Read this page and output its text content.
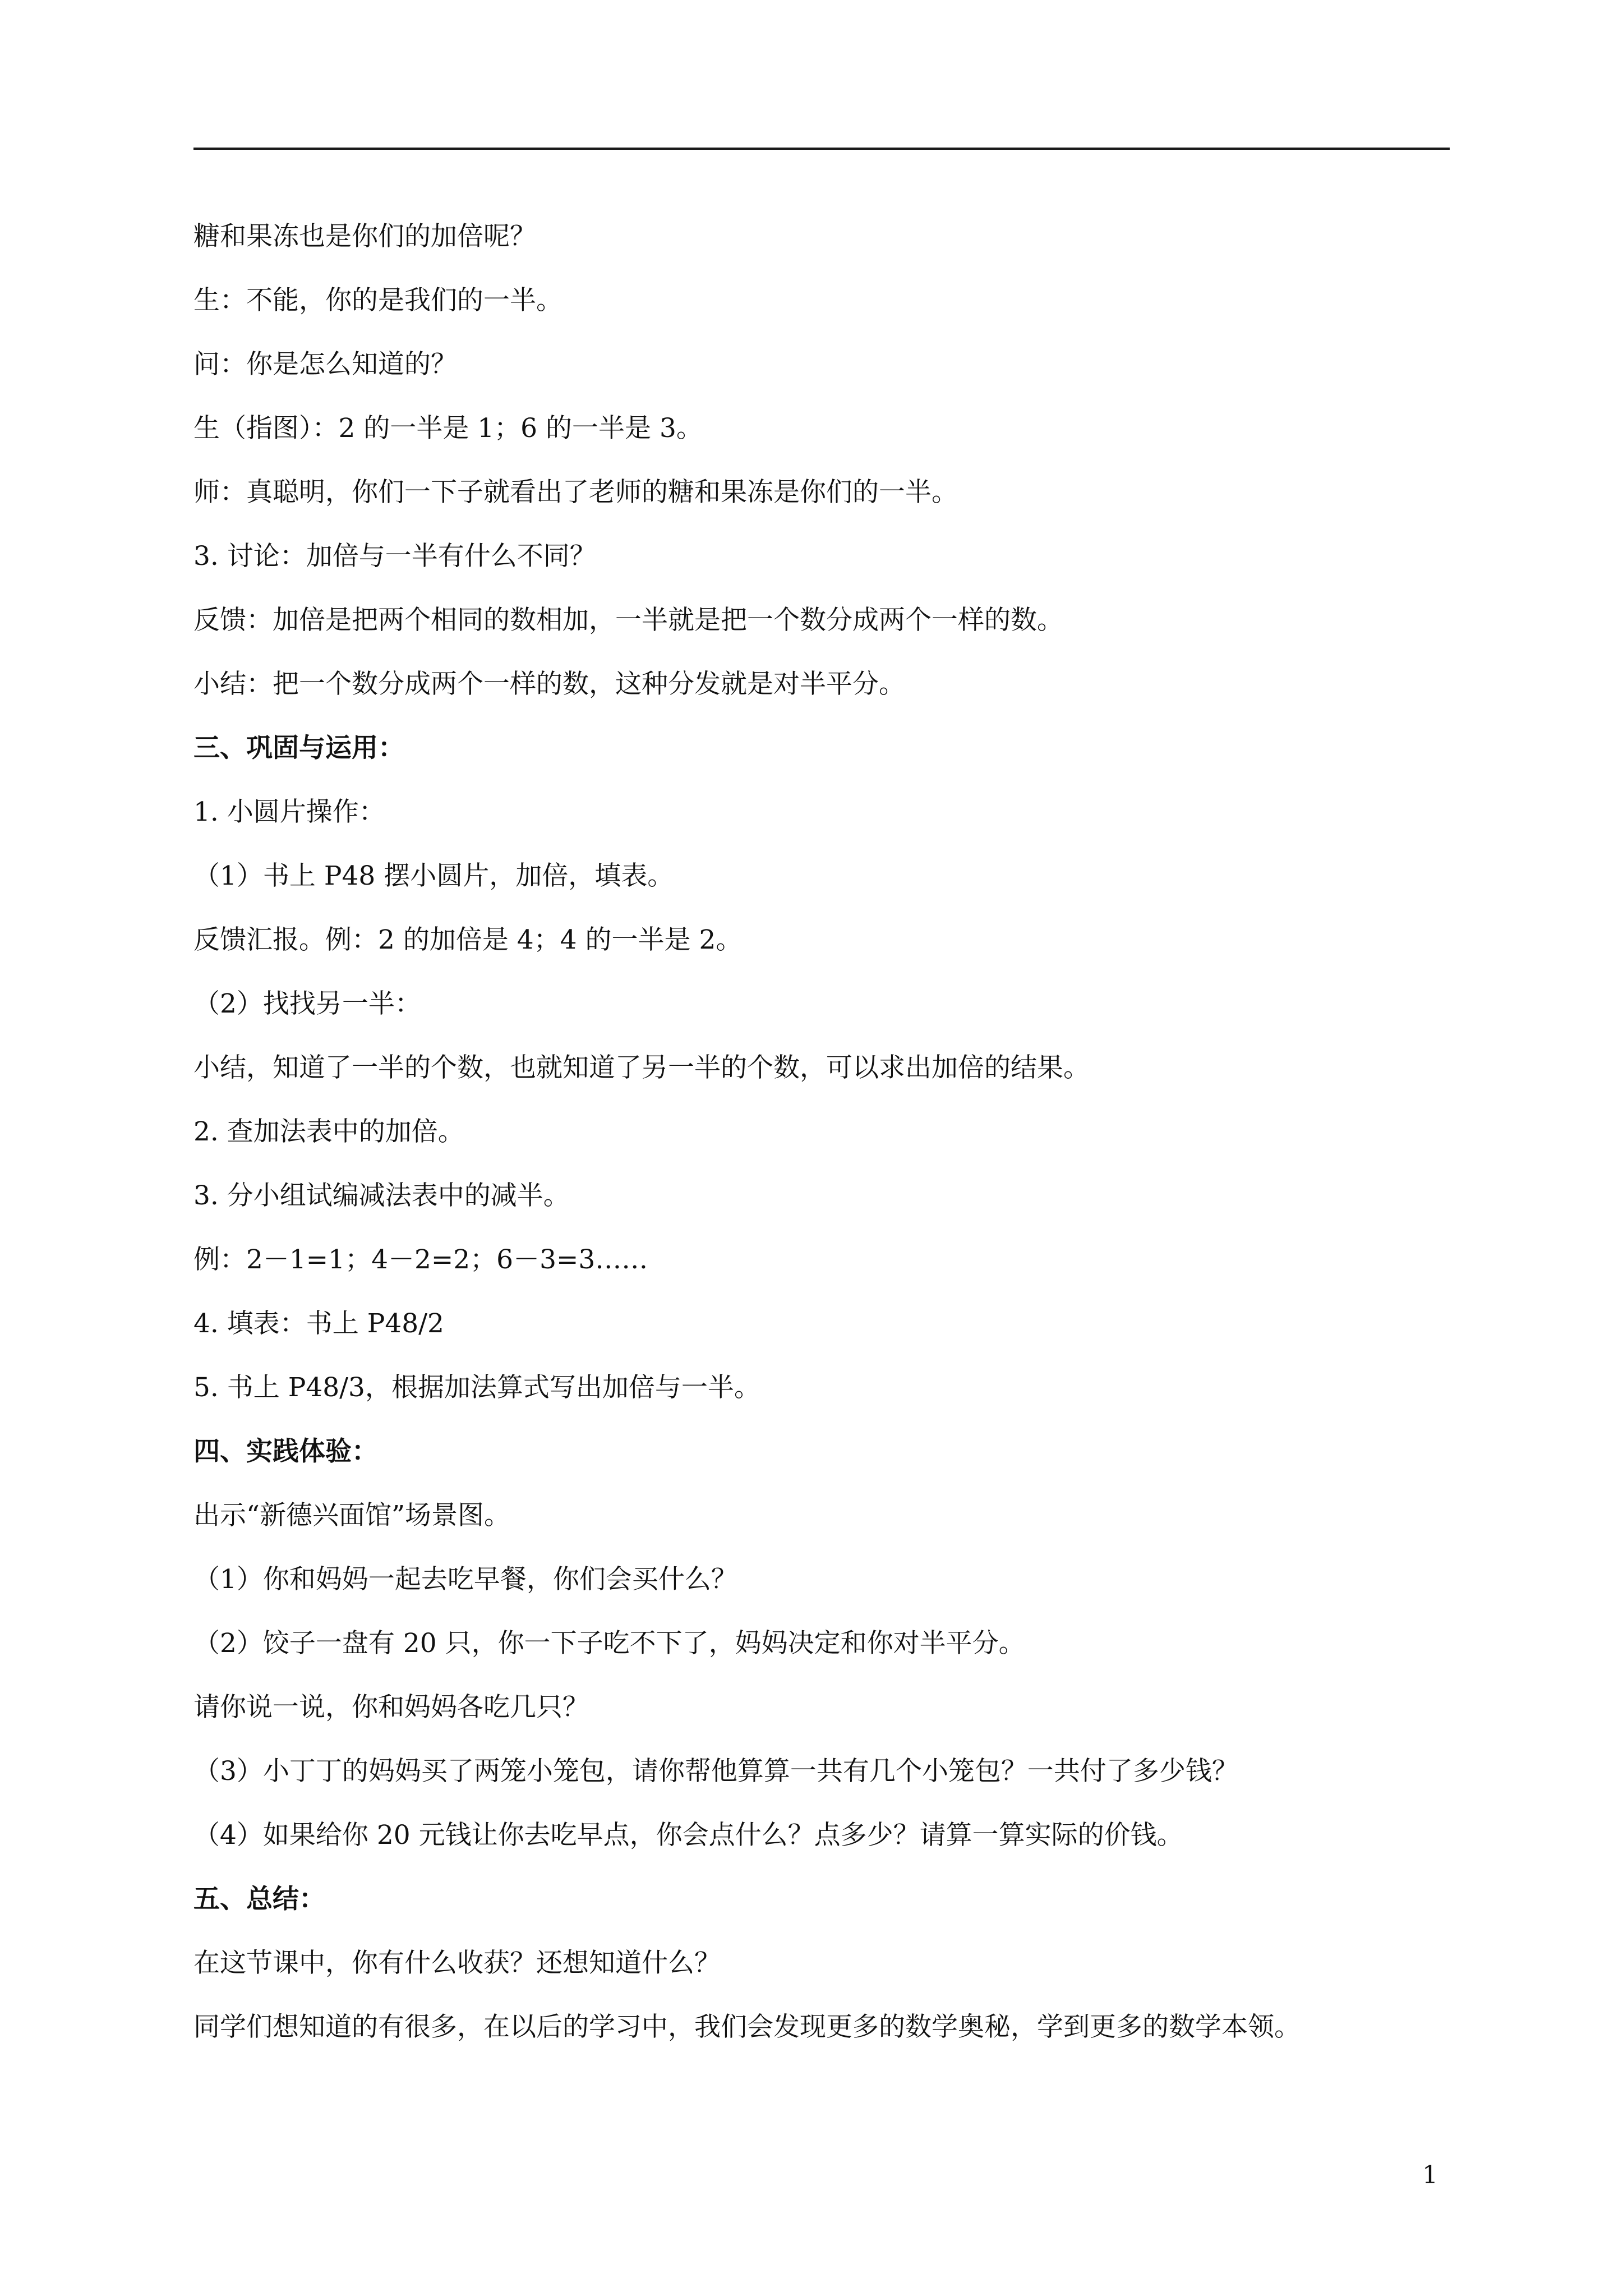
糖和果冻也是你们的加倍呢？
生：不能，你的是我们的一半。
问：你是怎么知道的？
生（指图）：2 的一半是 1；6 的一半是 3。
师：真聪明，你们一下子就看出了老师的糖和果冻是你们的一半。
3. 讨论：加倍与一半有什么不同？
反馈：加倍是把两个相同的数相加，一半就是把一个数分成两个一样的数。
小结：把一个数分成两个一样的数，这种分发就是对半平分。
三、巩固与运用：
1. 小圆片操作：
（1）书上 P48 摆小圆片，加倍，填表。
反馈汇报。例：2 的加倍是 4；4 的一半是 2。
（2）找找另一半：
小结，知道了一半的个数，也就知道了另一半的个数，可以求出加倍的结果。
2. 查加法表中的加倍。
3. 分小组试编减法表中的减半。
例：2－1=1；4－2=2；6－3=3……
4. 填表：书上 P48/2
5. 书上 P48/3，根据加法算式写出加倍与一半。
四、实践体验：
出示“新德兴面馆”场景图。
（1）你和妈妈一起去吃早餐，你们会买什么？
（2）饺子一盘有 20 只，你一下子吃不下了，妈妈决定和你对半平分。
请你说一说，你和妈妈各吃几只？
（3）小丁丁的妈妈买了两笼小笼包，请你帮他算算一共有几个小笼包？一共付了多少钱？
（4）如果给你 20 元钱让你去吃早点，你会点什么？点多少？请算一算实际的价钱。
五、总结：
在这节课中，你有什么收获？还想知道什么？
同学们想知道的有很多，在以后的学习中，我们会发现更多的数学奥秘，学到更多的数学本领。
1
